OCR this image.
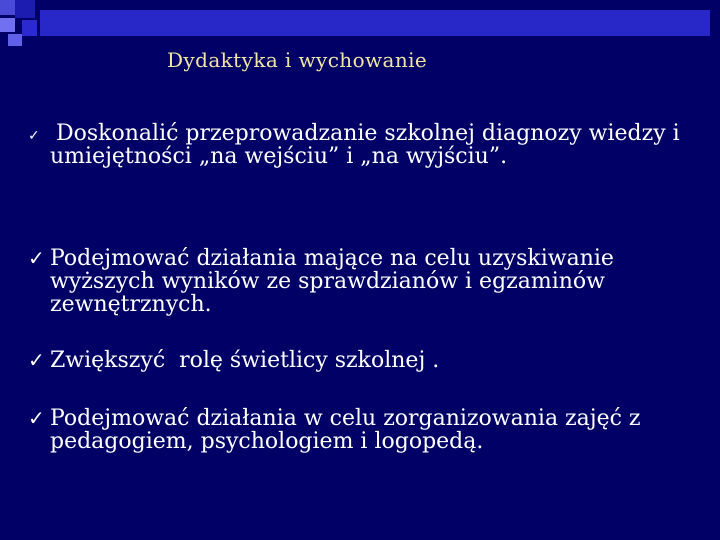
Dydaktyka i wychowanie
✓ Doskonalić przeprowadzanie szkolnej diagnozy wiedzy i umiejętności „na wejściu” i „na wyjściu”.
✓ Podejmować działania mające na celu uzyskiwanie wyższych wyników ze sprawdzianów i egzaminów zewnętrznych.
✓ Zwiększyć  rolę świetlicy szkolnej .
✓ Podejmować działania w celu zorganizowania zajęć z pedagogiem, psychologiem i logopedą.
